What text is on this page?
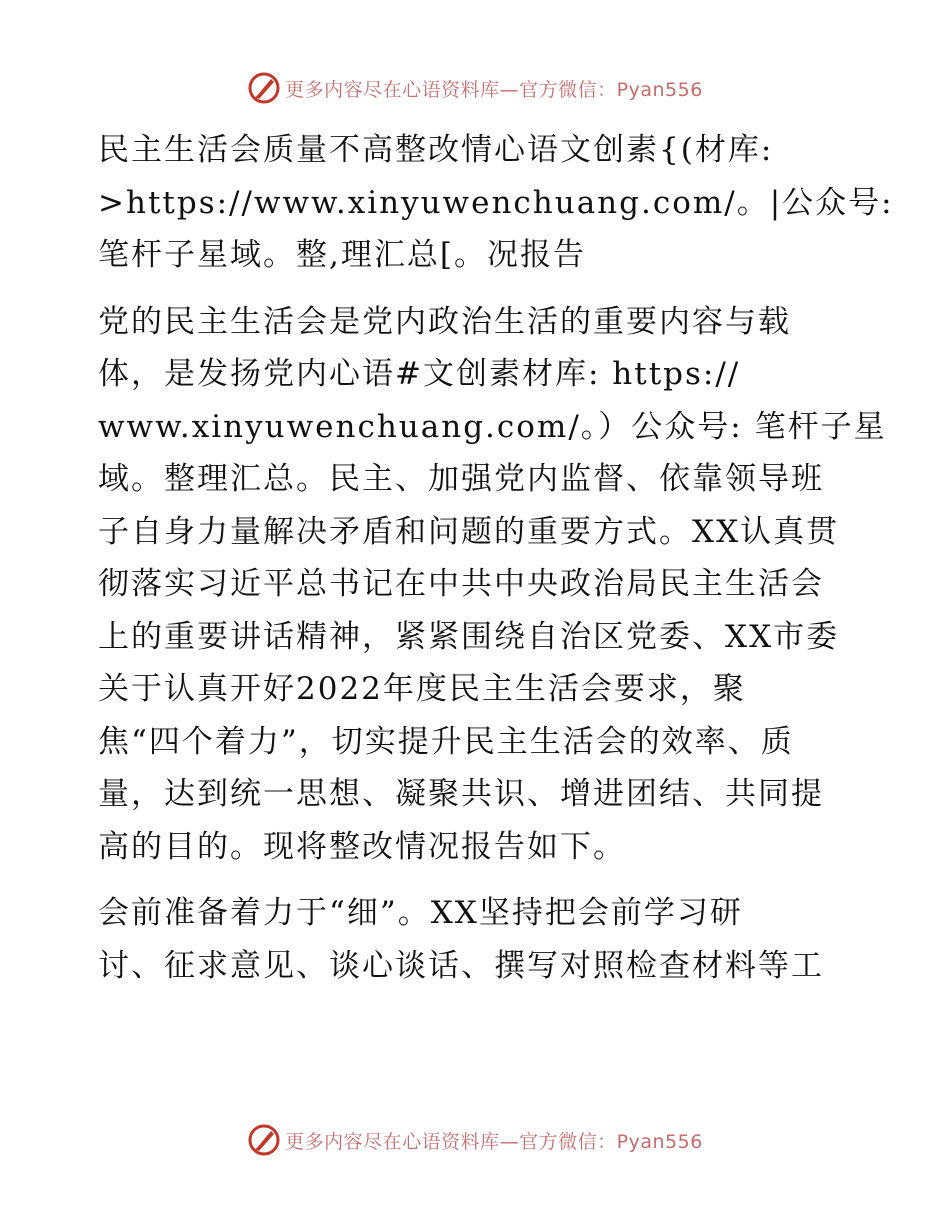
更多内容尽在心语资料库—官方微信：Pyan556

民主生活会质量不高整改情心语文创素{(材库:
>https://www.xinyuwenchuang.com/。|公众号:
笔杆子星域。整,理汇总[。况报告

党的民主生活会是党内政治生活的重要内容与载
体，是发扬党内心语#文创素材库: https://
www.xinyuwenchuang.com/。）公众号: 笔杆子星
域。整理汇总。民主、加强党内监督、依靠领导班
子自身力量解决矛盾和问题的重要方式。XX认真贯
彻落实习近平总书记在中共中央政治局民主生活会
上的重要讲话精神，紧紧围绕自治区党委、XX市委
关于认真开好2022年度民主生活会要求，聚
焦“四个着力”，切实提升民主生活会的效率、质
量，达到统一思想、凝聚共识、增进团结、共同提
高的目的。现将整改情况报告如下。

会前准备着力于“细”。XX坚持把会前学习研
讨、征求意见、谈心谈话、撰写对照检查材料等工

更多内容尽在心语资料库—官方微信：Pyan556
